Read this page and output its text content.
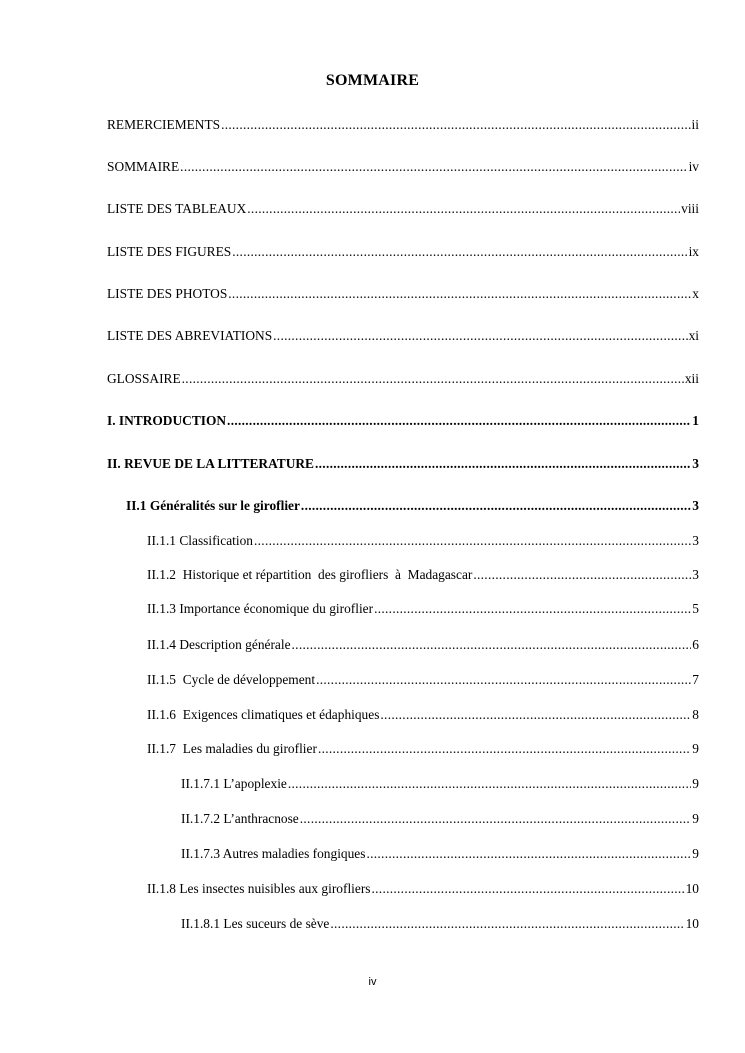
SOMMAIRE
REMERCIEMENTS .....	ii
SOMMAIRE .....	iv
LISTE DES TABLEAUX .....	viii
LISTE DES FIGURES .....	ix
LISTE DES PHOTOS .....	x
LISTE DES ABREVIATIONS .....	xi
GLOSSAIRE .....	xii
I. INTRODUCTION .....	1
II. REVUE DE LA LITTERATURE .....	3
II.1 Généralités sur le giroflier .....	3
II.1.1 Classification .....	3
II.1.2  Historique et répartition  des girofliers  à  Madagascar .....	3
II.1.3 Importance économique du giroflier .....	5
II.1.4 Description générale .....	6
II.1.5  Cycle de développement .....	7
II.1.6  Exigences climatiques et édaphiques .....	8
II.1.7  Les maladies du giroflier .....	9
II.1.7.1 L’apoplexie .....	9
II.1.7.2 L’anthracnose .....	9
II.1.7.3 Autres maladies fongiques .....	9
II.1.8 Les insectes nuisibles aux girofliers .....	10
II.1.8.1 Les suceurs de sève .....	10
iv
